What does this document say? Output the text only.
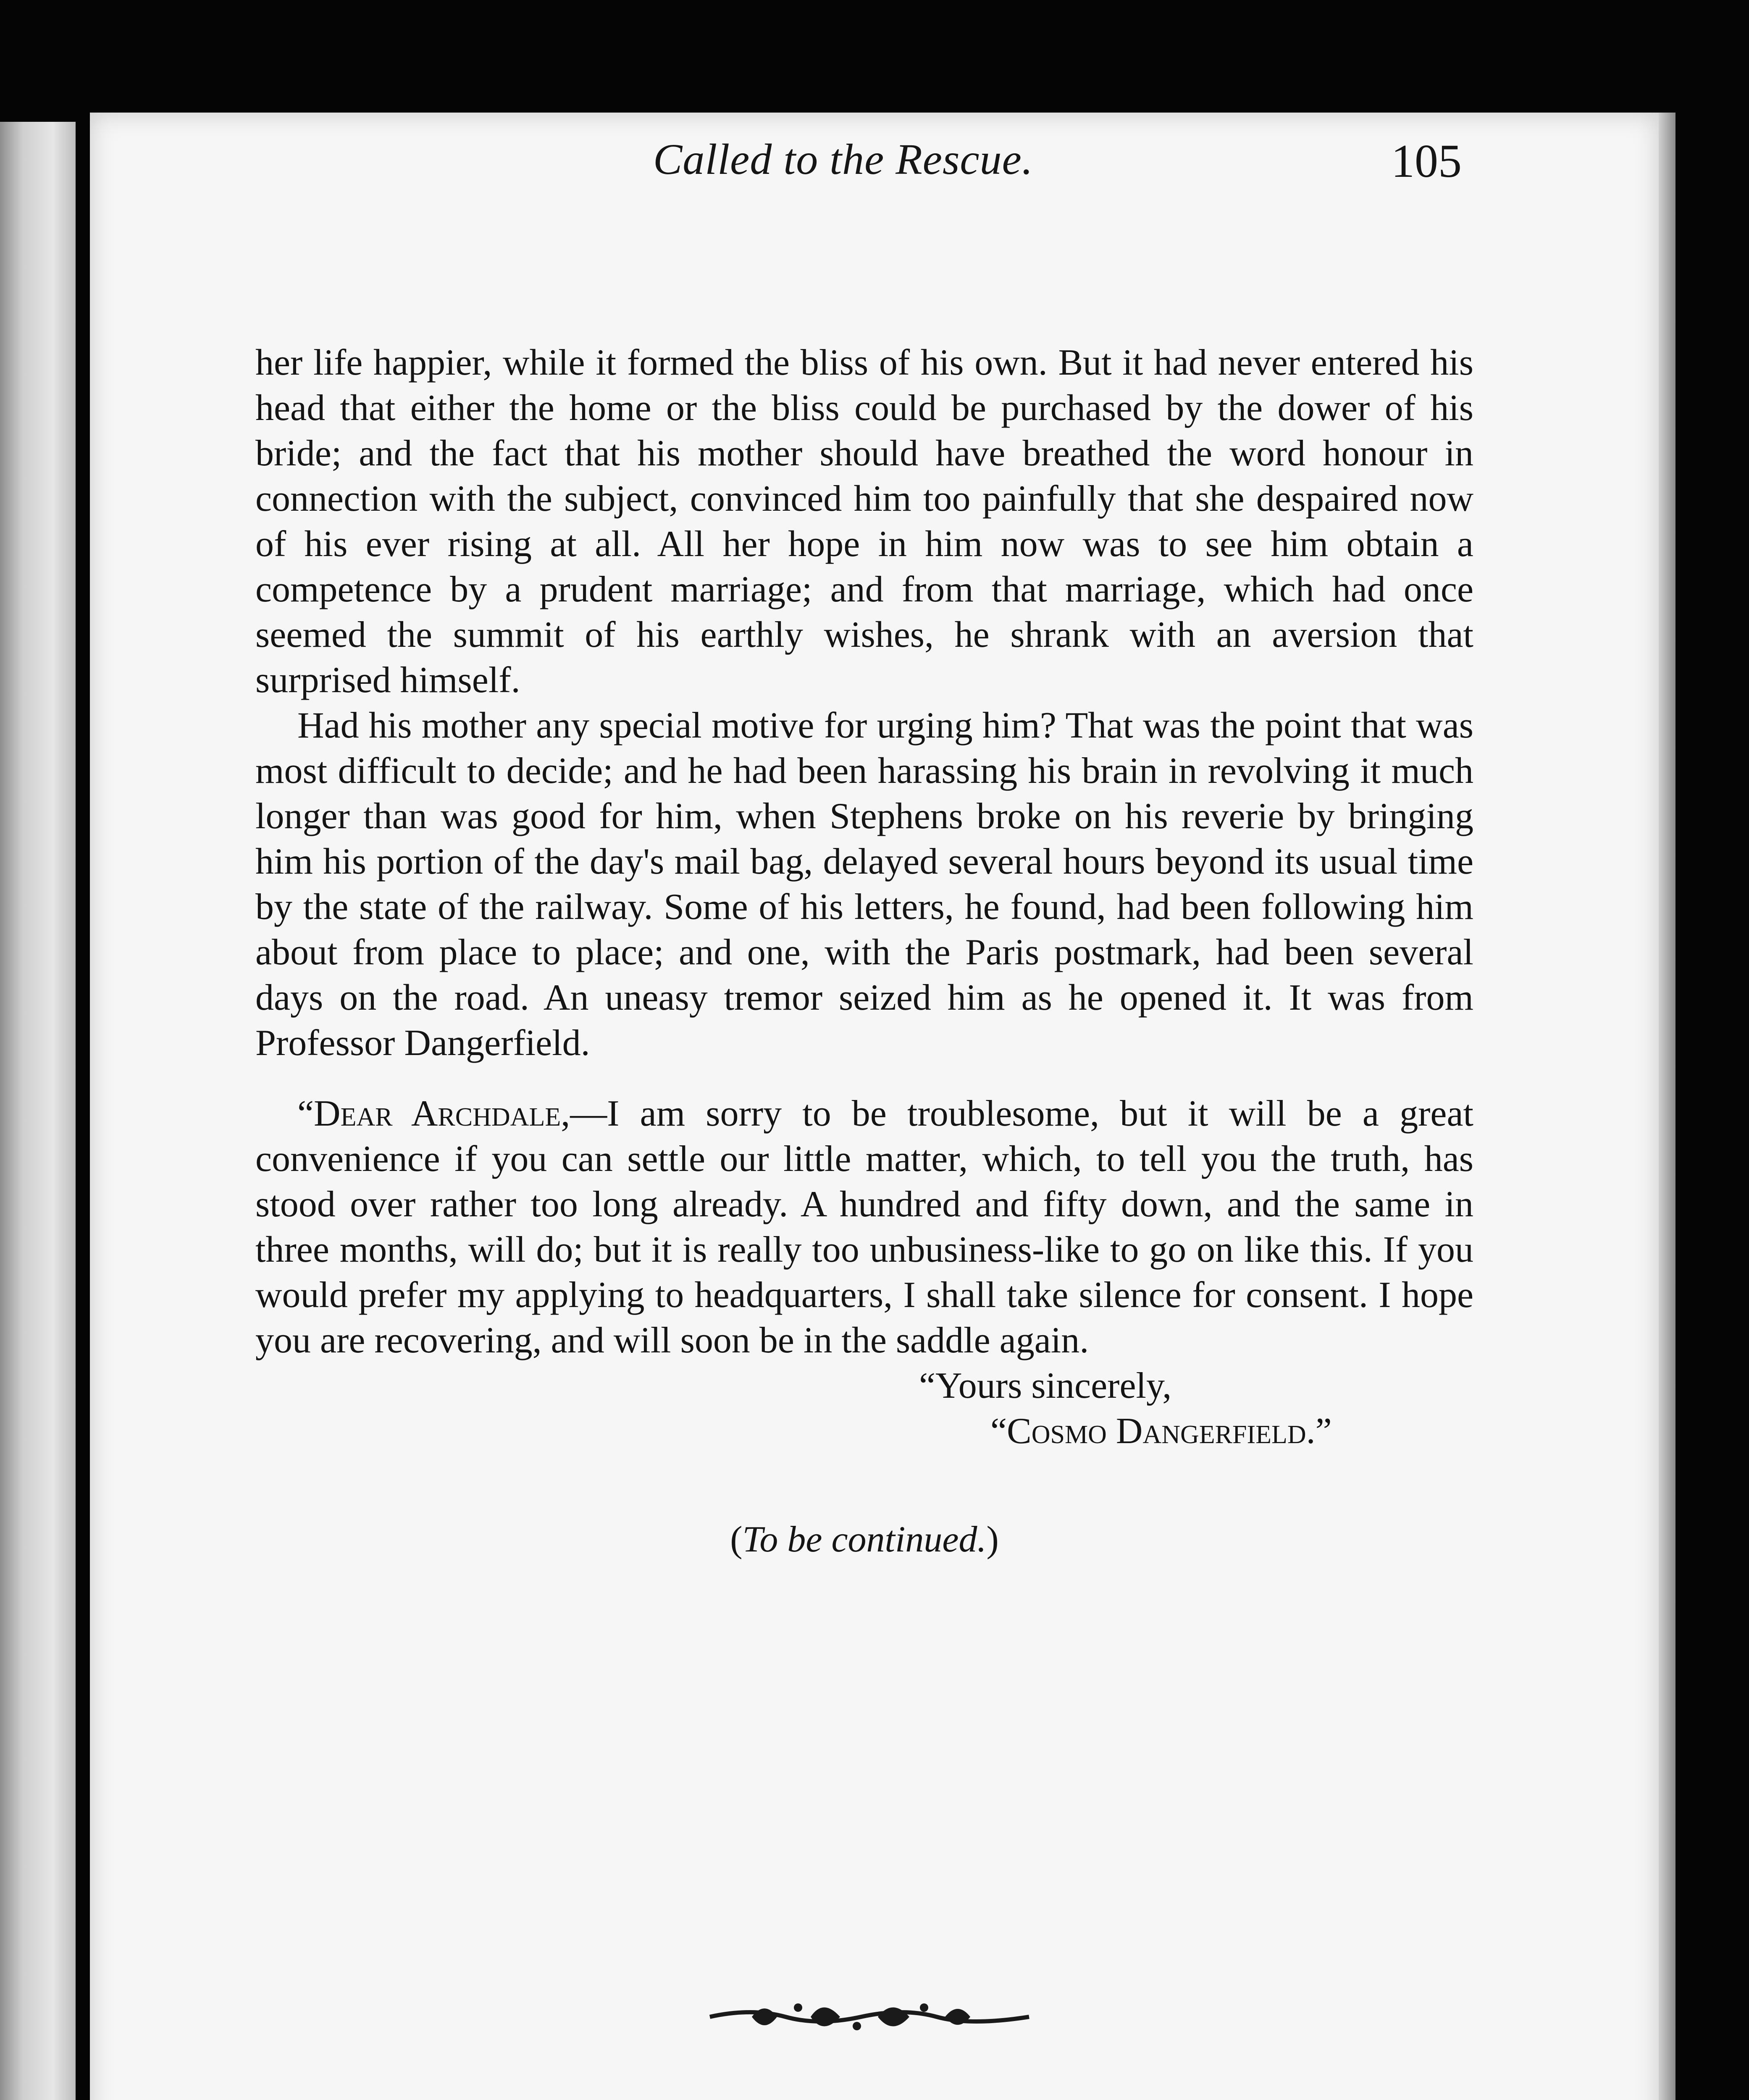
Called to the Rescue.	105

her life happier, while it formed the bliss of his own. But it had never entered his head that either the home or the bliss could be purchased by the dower of his bride; and the fact that his mother should have breathed the word honour in connection with the subject, convinced him too painfully that she despaired now of his ever rising at all. All her hope in him now was to see him obtain a competence by a prudent marriage; and from that marriage, which had once seemed the summit of his earthly wishes, he shrank with an aversion that surprised himself.

Had his mother any special motive for urging him? That was the point that was most difficult to decide; and he had been harassing his brain in revolving it much longer than was good for him, when Stephens broke on his reverie by bringing him his portion of the day's mail bag, delayed several hours beyond its usual time by the state of the railway. Some of his letters, he found, had been following him about from place to place; and one, with the Paris postmark, had been several days on the road. An uneasy tremor seized him as he opened it. It was from Professor Dangerfield.

“Dear Archdale,—I am sorry to be troublesome, but it will be a great convenience if you can settle our little matter, which, to tell you the truth, has stood over rather too long already. A hundred and fifty down, and the same in three months, will do; but it is really too unbusiness-like to go on like this. If you would prefer my applying to headquarters, I shall take silence for consent. I hope you are recovering, and will soon be in the saddle again.

“Yours sincerely,
“Cosmo Dangerfield.”
(To be continued.)
